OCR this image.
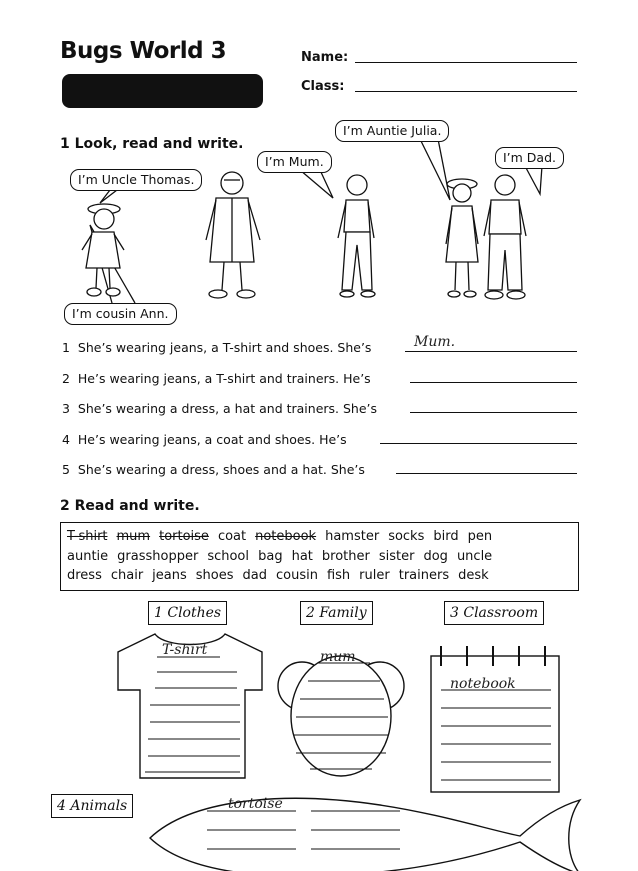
Bugs World 3	Name:
Class:
1 Look, read and write.
I’m Uncle Thomas.
I’m Mum.
I’m Auntie Julia.
I’m Dad.
I’m cousin Ann.
1 She’s wearing jeans, a T-shirt and shoes. She’s	Mum.
2 He’s wearing jeans, a T-shirt and trainers. He’s
3 She’s wearing a dress, a hat and trainers. She’s
4 He’s wearing jeans, a coat and shoes. He’s
5 She’s wearing a dress, shoes and a hat. She’s
2 Read and write.
T-shirt mum tortoise coat notebook hamster socks bird pen
auntie grasshopper school bag hat brother sister dog uncle
dress chair jeans shoes dad cousin fish ruler trainers desk
T-shirt	mum
notebook
tortoise
1 Clothes	2 Family	3 Classroom
4 Animals
